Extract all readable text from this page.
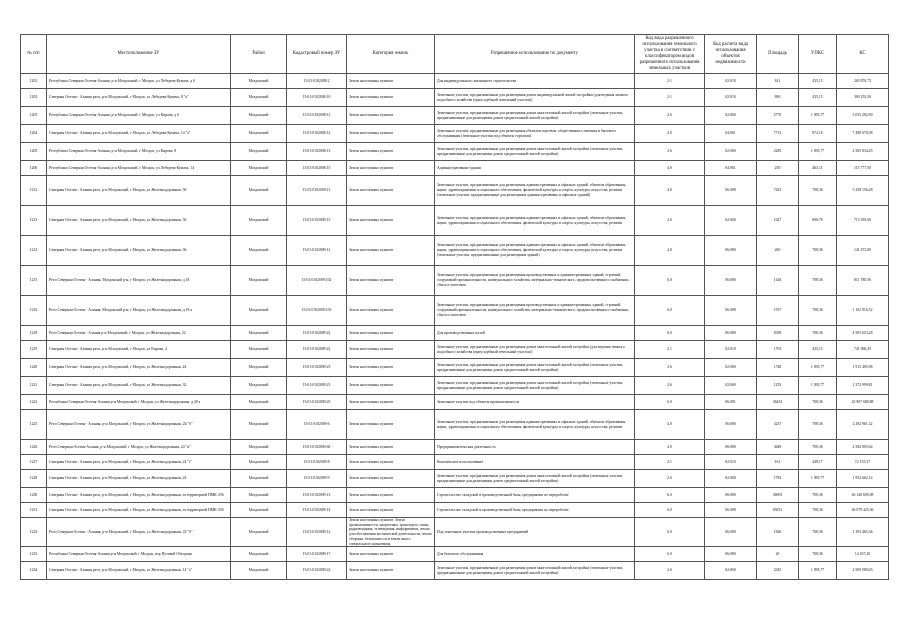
№ п/п	Местоположение ЗУ	Район	Кадастровый номер ЗУ	Категория земель	Разрешенное использование по документу	Код вида разрешенного использования земельного участка в соответствии с классификатором видов разрешенного использования земельных участков	Код расчета вида использования объектов недвижимости	Площадь	УПКС	КС
1201	Республика Северная Осетия-Алания, р-н Моздокский, г Моздок, ул Лебедева-Кумача, д 6	Моздокский	15:01:0102008:2	Земли населенных пунктов	Для индивидуального жилищного строительства	2.1	02:010	611	435,15	265 876,73
1202	Северная Осетия - Алания респ, р-н Моздокский, г Моздок, ул Лебедева-Кумача, 8 "а"	Моздокский	15:01:0102008:10	Земли населенных пунктов	Земельные участки, предназначенные для размещения домов индивидуальной жилой застройки (для ведения личного подсобного хозяйства (приусадебный земельный участок))	2.1	02:010	690	435,15	300 253,50
1203	Республика Северная Осетия-Алания, р-н Моздокский, г Моздок, ул Кирова, д 6	Моздокский	15:01:0102008:11	Земли населенных пунктов	Земельные участки, предназначенные для размещения домов многоэтажной жилой застройки (земельные участки, предназначенные для размещения домов среднеэтажной жилой застройки)	2.6	02:060	2770	1 095,77	3 035 282,90
1204	Северная Осетия - Алания респ, р-н Моздокский, г Моздок, ул Лебедева-Кумача, 14 "а"	Моздокский	15:01:0102008:12	Земли населенных пунктов	Земельные участки, предназначенные для размещения объектов торговли, общественного питания и бытового обслуживания (земельные участки под объекты торговли)	4.0	04:061	7713	972,16	7 498 670,08
1205	Республика Северная Осетия-Алания, р-н Моздокский, г Моздок, ул Кирова, 8	Моздокский	15:01:0102008:13	Земли населенных пунктов	Земельные участки, предназначенные для размещения домов многоэтажной жилой застройки (земельные участки, предназначенные для размещения домов среднеэтажной жилой застройки)	2.6	02:060	2285	1 095,77	2 503 834,45
1206	Республика Северная Осетия-Алания, р-н Моздокский, г Моздок, ул Лебедева-Кумача, 14	Моздокский	15:01:0102008:15	Земли населенных пунктов	Административные здания	4.0	04:061	250	463,11	115 777,50
1212	Северная Осетия - Алания респ, р-н Моздокский, г Моздок, ул Железнодорожная, 36	Моздокский	15:01:0102009:11	Земли населенных пунктов	Земельные участки, предназначенные для размещения административных и офисных зданий, объектов образования, науки, здравоохранения и социального обеспечения, физической культуры и спорта, культуры, искусства, религии (земельные участки, предназначенные для размещения административных и офисных зданий)	4.0	06:080	7423	708,36	5 258 156,28
1213	Северная Осетия - Алания респ, р-н Моздокский, г Моздок, ул Железнодорожная, 36	Моздокский	15:01:0102009:15	Земли населенных пунктов	Земельные участки, предназначенные для размещения административных и офисных зданий, объектов образования, науки, здравоохранения и социального обеспечения, физической культуры и спорта, культуры, искусства, религии	2.6	02:060	1027	696,78	715 593,06
1214	Северная Осетия - Алания респ, р-н Моздокский, г Моздок, ул Железнодорожная, 36	Моздокский	15:01:0102009:12	Земли населенных пунктов	Земельные участки, предназначенные для размещения административных и офисных зданий, объектов образования, науки, здравоохранения и социального обеспечения, физической культуры и спорта, культуры, искусства, религии (земельные участки, предназначенные для размещения зданий)	4.0	06:080	200	708,36	141 672,00
1215	Респ Северная Осетия - Алания, Моздокский р-н, г Моздок, ул Железнодорожная, д 18	Моздокский	15:01:0102009:102	Земли населенных пунктов	Земельные участки, предназначенные для размещения производственных и административных зданий, строений, сооружений промышленности, коммунального хозяйства, материально-технического, продовольственного снабжения, сбыта и заготовок	6.0	06:080	1146	708,36	811 780,56
1216	Респ Северная Осетия - Алания, Моздокский р-н, г Моздок, ул Железнодорожная, д 18 а	Моздокский	15:01:0102009:103	Земли населенных пунктов	Земельные участки, предназначенные для размещения производственных и административных зданий, строений, сооружений промышленности, коммунального хозяйства, материально-технического, продовольственного снабжения, сбыта и заготовок	6.0	06:080	1557	708,36	1 102 916,52
1218	Респ Северная Осетия - Алания р-н Моздокский, г Моздок, ул Железнодорожная, 22	Моздокский	15:01:0102009:22	Земли населенных пунктов	Для производственных целей	6.0	06:080	6358	708,36	4 503 653,28
1219	Северная Осетия - Алания респ, р-н Моздокский, г Моздок, ул Кирова, 4	Моздокский	15:01:0102009:22	Земли населенных пунктов	Земельные участки, предназначенные для размещения домов многоэтажной жилой застройки (для ведения личного подсобного хозяйства (приусадебный земельный участок))	2.1	02:010	1703	435,15	741 060,45
1220	Северная Осетия - Алания респ, р-н Моздокский, г Моздок, ул Железнодорожная, 24	Моздокский	15:01:0102009:23	Земли населенных пунктов	Земельные участки, предназначенные для размещения домов многоэтажной жилой застройки (земельные участки, предназначенные для размещения домов среднеэтажной жилой застройки)	2.6	02:060	1748	1 095,77	1 915 405,96
1221	Северная Осетия - Алания респ, р-н Моздокский, г Моздок, ул Железнодорожная, 32	Моздокский	15:01:0102009:23	Земли населенных пунктов	Земельные участки, предназначенные для размещения домов многоэтажной жилой застройки (земельные участки, предназначенные для размещения домов среднеэтажной жилой застройки)	2.6	02:060	1253	1 095,77	1 372 999,81
1222	Республика Северная Осетия-Алания р-н Моздокский, г Моздок, ул Железнодорожная, д 28 а	Моздокский	15:01:0102009:25	Земли населенных пунктов	Земельные участки под объекты промышленности	6.0	06:081	36433	708,36	25 807 680,88
1225	Респ Северная Осетия - Алания, р-н Моздокский, г Моздок, ул Железнодорожная, 24 "б"	Моздокский	15:01:0102009:6	Земли населенных пунктов	Земельные участки, предназначенные для размещения административных и офисных зданий, объектов образования, науки, здравоохранения и социального обеспечения, физической культуры и спорта, культуры, искусства, религии	4.0	06:080	3237	708,36	2 292 961,32
1226	Респ Северная Осетия-Алания, р-н Моздокский, г Моздок, ул Железнодорожная, 24 "в"	Моздокский	15:01:0102009:60	Земли населенных пунктов	Предпринимательская деятельность	4.0	06:080	3649	708,36	2 584 805,64
1227	Северная Осетия - Алания респ, р-н Моздокский, г Моздок, ул Железнодорожная, 24 "г"	Моздокский	15:01:0102009:8	Земли населенных пунктов	Комплексное использование	2.1	02:010	161	448,17	72 155,37
1228	Северная Осетия - Алания респ, р-н Моздокский, г Моздок, ул Железнодорожная, 24	Моздокский	15:01:0102009:9	Земли населенных пунктов	Земельные участки, предназначенные для размещения домов многоэтажной жилой застройки (земельные участки, предназначенные для размещения домов среднеэтажной жилой застройки)	2.6	02:060	1782	1 095,77	1 952 662,14
1230	Северная Осетия - Алания респ, р-н Моздокский, г Моздок, ул Железнодорожная, за территорией ПМК-256	Моздокский	15:01:0102009:13	Земли населенных пунктов	Строительство складской и производственной базы, предприятия по переработке	6.0	06:080	36903	708,36	26 140 609,08
1231	Северная Осетия - Алания респ, р-н Моздокский, г Моздок, ул Железнодорожная, за территорией ПМК-256	Моздокский	15:01:0102009:14	Земли населенных пунктов	Строительство складской и производственной базы, предприятия по переработке	6.0	06:080	65051	708,36	46 079 425,36
1232	Респ Северная Осетия - Алания, р-н Моздокский, г Моздок, ул Железнодорожная, 22 "б"	Моздокский	15:01:0102009:12	Земли населенных пунктов. Земли промышленности, энергетики, транспорта, связи, радиовещания, телевидения, информатики, земли для обеспечения космической деятельности, земли обороны, безопасности и земли иного специального назначения	Под земельные участки производственных предприятий	6.0	06:080	1826	708,36	1 293 465,36
1233	Республика Северная Осетия-Алания р-н Моздокский, г Моздок, пер Путевой Обходчик	Моздокский	15:01:0102009:17	Земли населенных пунктов	Для бытового обслуживания	6.0	06:080	20	708,36	14 167,20
1234	Северная Осетия - Алания респ, р-н Моздокский, г Моздок, ул Железнодорожная, 14 "а"	Моздокский	15:01:0102009:22	Земли населенных пунктов	Земельные участки, предназначенные для размещения домов многоэтажной жилой застройки (земельные участки, предназначенные для размещения домов среднеэтажной жилой застройки)	2.6	02:060	2345	1 095,77	2 569 580,65
